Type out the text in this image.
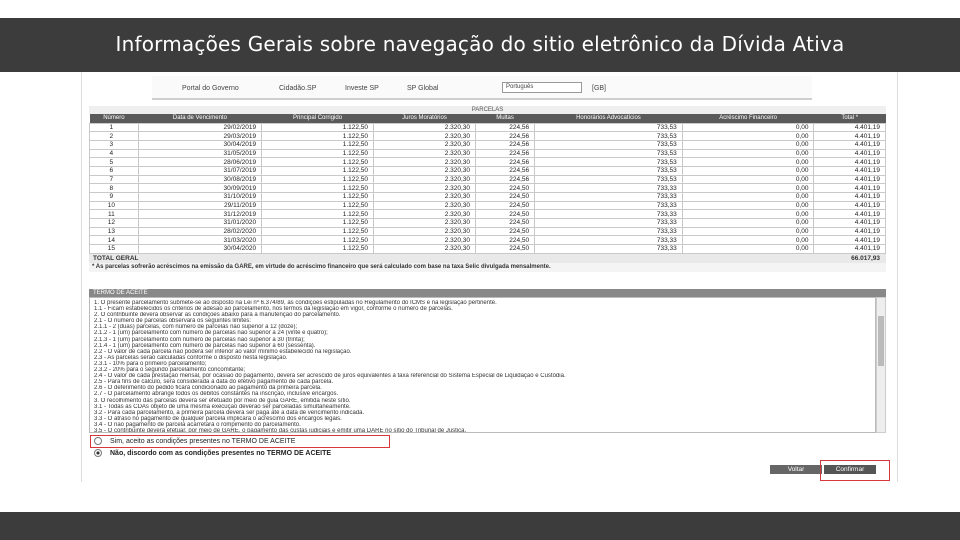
Informações Gerais sobre navegação do sitio eletrônico da Dívida Ativa
Portal do Governo	Cidadão.SP	Investe SP	SP Global	Português	[GB]
PARCELAS
Número	Data de Vencimento	Principal Corrigido	Juros Moratórios	Multas	Honorários Advocatícios	Acréscimo Financeiro	Total *
1	29/02/2019	1.122,50	2.320,30	224,56	733,53	0,00	4.401,19
2	29/03/2019	1.122,50	2.320,30	224,56	733,53	0,00	4.401,19
3	30/04/2019	1.122,50	2.320,30	224,56	733,53	0,00	4.401,19
4	31/05/2019	1.122,50	2.320,30	224,56	733,53	0,00	4.401,19
5	28/06/2019	1.122,50	2.320,30	224,56	733,53	0,00	4.401,19
6	31/07/2019	1.122,50	2.320,30	224,56	733,53	0,00	4.401,19
7	30/08/2019	1.122,50	2.320,30	224,56	733,53	0,00	4.401,19
8	30/09/2019	1.122,50	2.320,30	224,50	733,33	0,00	4.401,19
9	31/10/2019	1.122,50	2.320,30	224,50	733,33	0,00	4.401,19
10	29/11/2019	1.122,50	2.320,30	224,50	733,33	0,00	4.401,19
11	31/12/2019	1.122,50	2.320,30	224,50	733,33	0,00	4.401,19
12	31/01/2020	1.122,50	2.320,30	224,50	733,33	0,00	4.401,19
13	28/02/2020	1.122,50	2.320,30	224,50	733,33	0,00	4.401,19
14	31/03/2020	1.122,50	2.320,30	224,50	733,33	0,00	4.401,19
15	30/04/2020	1.122,50	2.320,30	224,50	733,33	0,00	4.401,19
TOTAL GERAL	66.017,93
* As parcelas sofrerão acréscimos na emissão da GARE, em virtude do acréscimo financeiro que será calculado com base na taxa Selic divulgada mensalmente.
TERMO DE ACEITE

1. O presente parcelamento submete-se ao disposto na Lei nº 6.374/89, às condições estipuladas no Regulamento do ICMS e na legislação pertinente.

1.1 - Ficam estabelecidos os critérios de adesão ao parcelamento, nos termos da legislação em vigor, conforme o número de parcelas.

2. O contribuinte deverá observar as condições abaixo para a manutenção do parcelamento.

2.1 - O número de parcelas observará os seguintes limites:

2.1.1 - 2 (duas) parcelas, com número de parcelas não superior a 12 (doze);

2.1.2 - 1 (um) parcelamento com número de parcelas não superior a 24 (vinte e quatro);

2.1.3 - 1 (um) parcelamento com número de parcelas não superior a 30 (trinta);

2.1.4 - 1 (um) parcelamento com número de parcelas não superior a 60 (sessenta).

2.2 - O valor de cada parcela não poderá ser inferior ao valor mínimo estabelecido na legislação.

2.3 - As parcelas serão calculadas conforme o disposto nesta legislação.

2.3.1 - 10% para o primeiro parcelamento;

2.3.2 - 20% para o segundo parcelamento concomitante;

2.4 - O valor de cada prestação mensal, por ocasião do pagamento, deverá ser acrescido de juros equivalentes à taxa referencial do Sistema Especial de Liquidação e Custódia.

2.5 - Para fins de cálculo, será considerada a data do efetivo pagamento de cada parcela.

2.6 - O deferimento do pedido ficará condicionado ao pagamento da primeira parcela.

2.7 - O parcelamento abrange todos os débitos constantes na inscrição, inclusive encargos.

3. O recolhimento das parcelas deverá ser efetuado por meio de guia GARE, emitida neste sítio.

3.1 - Todas as CDAs objeto de uma mesma execução deverão ser parceladas simultaneamente.

3.2 - Para cada parcelamento, a primeira parcela deverá ser paga até a data de vencimento indicada.

3.3 - O atraso no pagamento de qualquer parcela implicará o acréscimo dos encargos legais.

3.4 - O não pagamento de parcela acarretará o rompimento do parcelamento.

3.5 - O contribuinte deverá efetuar, por meio de GARE, o pagamento das custas judiciais e emitir uma DARE no sítio do Tribunal de Justiça.

Sim, aceito as condições presentes no TERMO DE ACEITE
Não, discordo com as condições presentes no TERMO DE ACEITE
Voltar	Confirmar
